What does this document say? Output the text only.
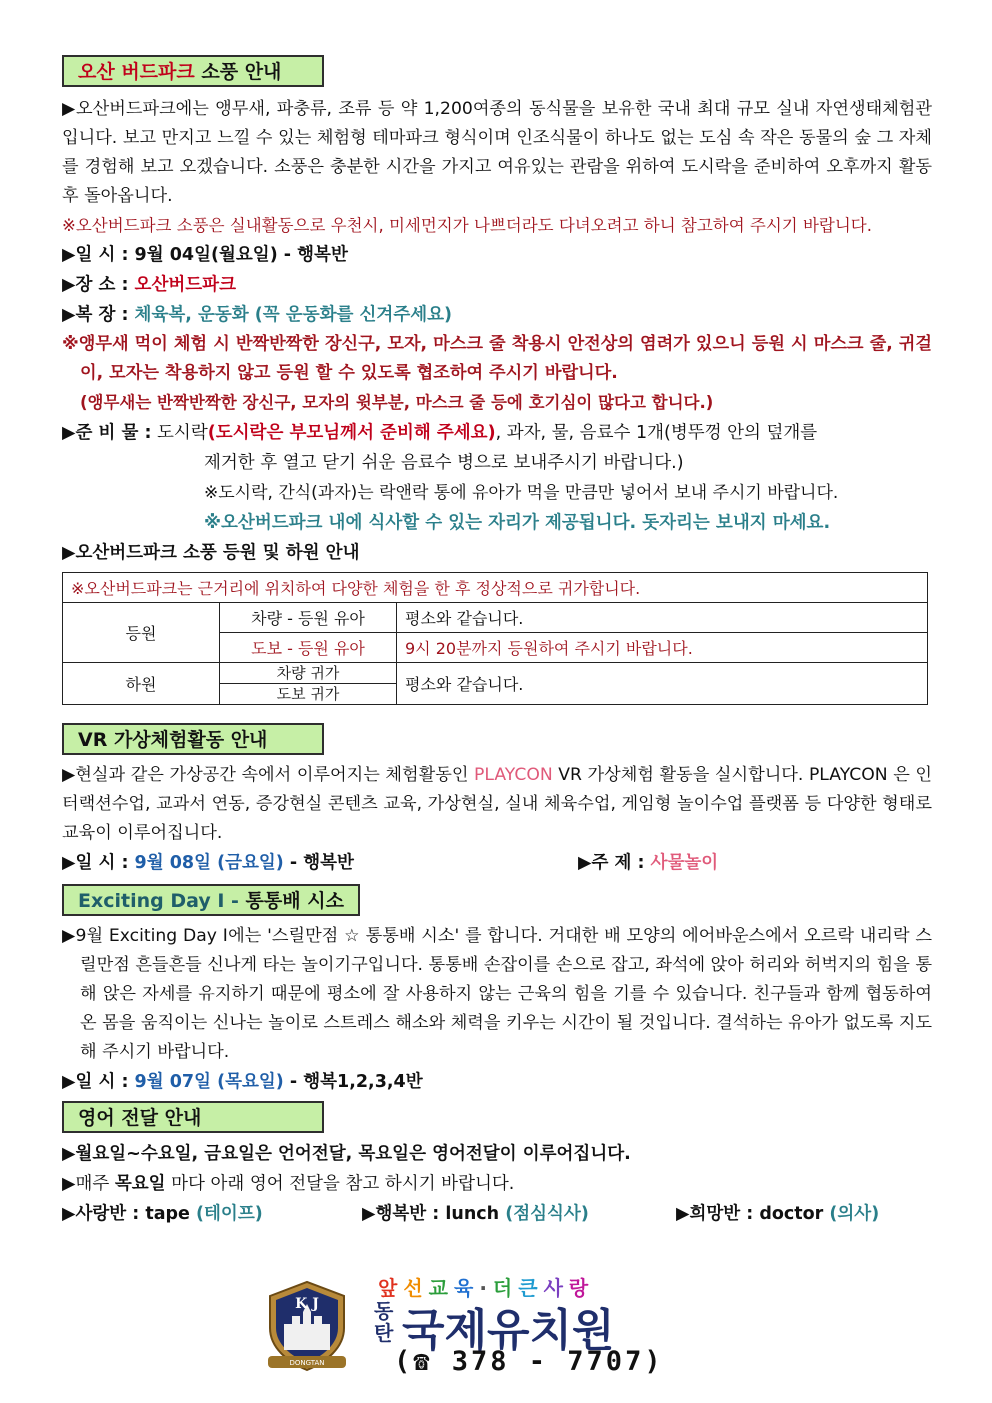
오산 버드파크 소풍 안내

▶오산버드파크에는 앵무새, 파충류, 조류 등 약 1,200여종의 동식물을 보유한 국내 최대 규모 실내 자연생태체험관입니다. 보고 만지고 느낄 수 있는 체험형 테마파크 형식이며 인조식물이 하나도 없는 도심 속 작은 동물의 숲 그 자체를 경험해 보고 오겠습니다. 소풍은 충분한 시간을 가지고 여유있는 관람을 위하여 도시락을 준비하여 오후까지 활동 후 돌아옵니다.

※오산버드파크 소풍은 실내활동으로 우천시, 미세먼지가 나쁘더라도 다녀오려고 하니 참고하여 주시기 바랍니다.
▶일 시 : 9월 04일(월요일) - 행복반
▶장 소 : 오산버드파크
▶복 장 : 체육복, 운동화 (꼭 운동화를 신겨주세요)

※앵무새 먹이 체험 시 반짝반짝한 장신구, 모자, 마스크 줄 착용시 안전상의 염려가 있으니 등원 시 마스크 줄, 귀걸이, 모자는 착용하지 않고 등원 할 수 있도록 협조하여 주시기 바랍니다.

(앵무새는 반짝반짝한 장신구, 모자의 윗부분, 마스크 줄 등에 호기심이 많다고 합니다.)
▶준 비 물 : 도시락(도시락은 부모님께서 준비해 주세요), 과자, 물, 음료수 1개(병뚜껑 안의 덮개를
제거한 후 열고 닫기 쉬운 음료수 병으로 보내주시기 바랍니다.)
※도시락, 간식(과자)는 락앤락 통에 유아가 먹을 만큼만 넣어서 보내 주시기 바랍니다.
※오산버드파크 내에 식사할 수 있는 자리가 제공됩니다. 돗자리는 보내지 마세요.
▶오산버드파크 소풍 등원 및 하원 안내
※오산버드파크는 근거리에 위치하여 다양한 체험을 한 후 정상적으로 귀가합니다.		
등원	차량 - 등원 유아	평소와 같습니다.
	도보 - 등원 유아	9시 20분까지 등원하여 주시기 바랍니다.
하원	차량 귀가	평소와 같습니다.
	도보 귀가	
VR 가상체험활동 안내

▶현실과 같은 가상공간 속에서 이루어지는 체험활동인 PLAYCON VR 가상체험 활동을 실시합니다. PLAYCON 은 인터랙션수업, 교과서 연동, 증강현실 콘텐츠 교육, 가상현실, 실내 체육수업, 게임형 놀이수업 플랫폼 등 다양한 형태로 교육이 이루어집니다.

▶일 시 : 9월 08일 (금요일) - 행복반	▶주 제 : 사물놀이
Exciting Day Ⅰ - 통통배 시소

▶9월 Exciting Day Ⅰ에는 '스릴만점 ☆ 통통배 시소' 를 합니다. 거대한 배 모양의 에어바운스에서 오르락 내리락 스릴만점 흔들흔들 신나게 타는 놀이기구입니다. 통통배 손잡이를 손으로 잡고, 좌석에 앉아 허리와 허벅지의 힘을 통해 앉은 자세를 유지하기 때문에 평소에 잘 사용하지 않는 근육의 힘을 기를 수 있습니다. 친구들과 함께 협동하여 온 몸을 움직이는 신나는 놀이로 스트레스 해소와 체력을 키우는 시간이 될 것입니다. 결석하는 유아가 없도록 지도해 주시기 바랍니다.

▶일 시 : 9월 07일 (목요일) - 행복1,2,3,4반
영어 전달 안내
▶월요일~수요일, 금요일은 언어전달, 목요일은 영어전달이 이루어집니다.
▶매주 목요일 마다 아래 영어 전달을 참고 하시기 바랍니다.
▶사랑반 : tape (테이프)	▶행복반 : lunch (점심식사)	▶희망반 : doctor (의사)
DONGTAN
K J
앞선교육·더큰사랑
동
탄 국제유치원
(☎ 378 - 7707)
